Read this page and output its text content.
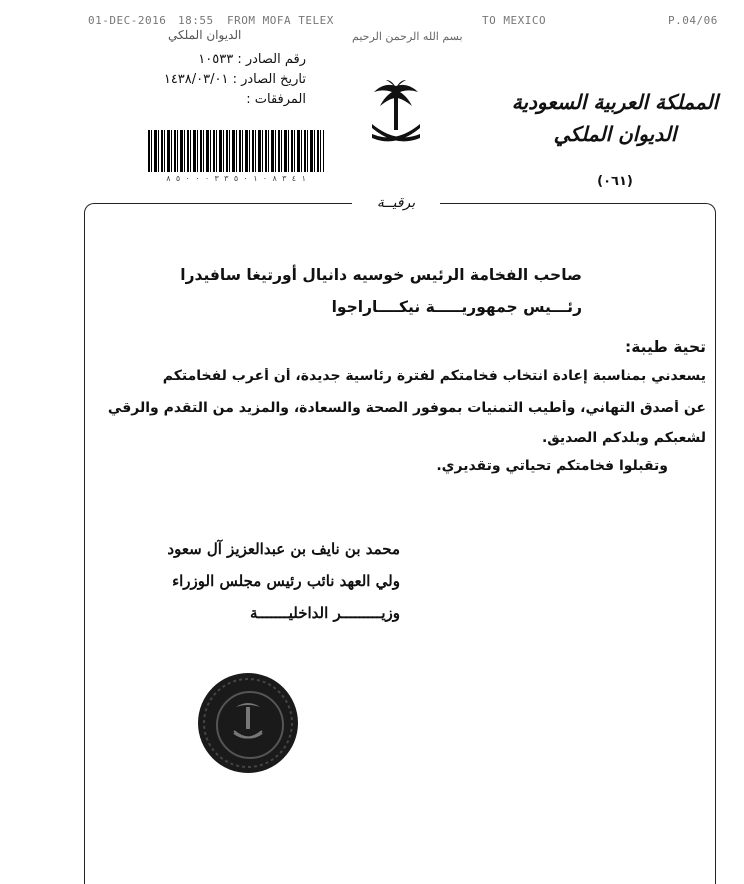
01-DEC-2016 18:55 FROM MOFA TELEX	TO MEXICO	P.04/06
الديوان الملكي	بسم الله الرحمن الرحيم
رقم الصادر : ١٠٥٣٣
تاريخ الصادر : ١٤٣٨/٠٣/٠١
المرفقات :
١ ٤ ٣ ٨ ٠ ١ ٠ ٥ ٣ ٣ ٠ ٠ ٠ ٥ ٨
المملكة العربية السعودية
الديوان الملكي
(٠٦١)
برقيــة
صاحب الفخامة الرئيس خوسيه دانيال أورتيغا سافيدرا
رئـــيس جمهوريـــــة نيكــــاراجوا
تحية طيبة:
يسعدني بمناسبة إعادة انتخاب فخامتكم لفترة رئاسية جديدة، أن أعرب لفخامتكم
عن أصدق التهاني، وأطيب التمنيات بموفور الصحة والسعادة، والمزيد من التقدم والرقي
لشعبكم وبلدكم الصديق.
وتقبلوا فخامتكم تحياتي وتقديري.
محمد بن نايف بن عبدالعزيز آل سعود
ولي العهد نائب رئيس مجلس الوزراء
وزيـــــــــر الداخليـــــــة
